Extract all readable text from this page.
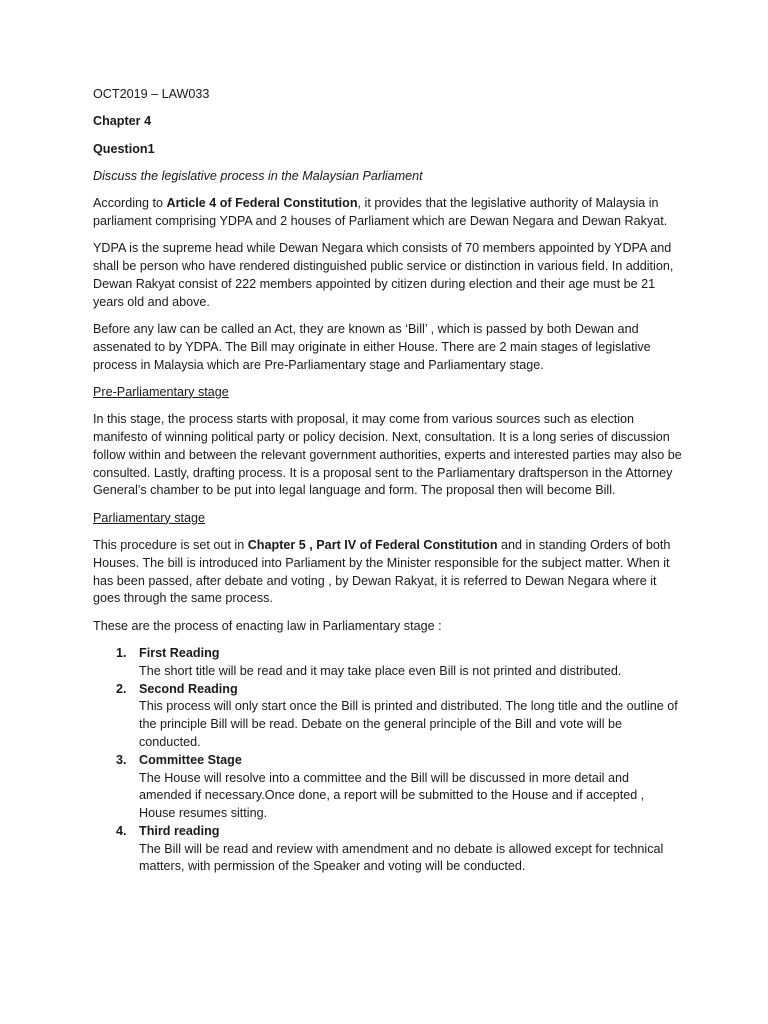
OCT2019 – LAW033

Chapter 4

Question1

Discuss the legislative process in the Malaysian Parliament

According to Article 4 of Federal Constitution, it provides that the legislative authority of Malaysia in parliament comprising YDPA and 2 houses of Parliament which are Dewan Negara and Dewan Rakyat.

YDPA is the supreme head while Dewan Negara which consists of 70 members appointed by YDPA and shall be person who have rendered distinguished public service or distinction in various field. In addition, Dewan Rakyat consist of 222 members appointed by citizen during election and their age must be 21 years old and above.

Before any law can be called an Act, they are known as ‘Bill’ , which is passed by both Dewan and assenated to by YDPA. The Bill may originate in either House. There are 2 main stages of legislative process in Malaysia which are Pre-Parliamentary stage and Parliamentary stage.

Pre-Parliamentary stage

In this stage, the process starts with proposal, it may come from various sources such as election manifesto of winning political party or policy decision. Next, consultation. It is a long series of discussion follow within and between the relevant government authorities, experts and interested parties may also be consulted. Lastly, drafting process. It is a proposal sent to the Parliamentary draftsperson in the Attorney General’s chamber to be put into legal language and form. The proposal then will become Bill.

Parliamentary stage

This procedure is set out in Chapter 5 , Part IV of Federal Constitution and in standing Orders of both Houses. The bill is introduced into Parliament by the Minister responsible for the subject matter. When it has been passed, after debate and voting , by Dewan Rakyat, it is referred to Dewan Negara where it goes through the same process.

These are the process of enacting law in Parliamentary stage :

1. First Reading
The short title will be read and it may take place even Bill is not printed and distributed.
2. Second Reading
This process will only start once the Bill is printed and distributed. The long title and the outline of the principle Bill will be read. Debate on the general principle of the Bill and vote will be conducted.
3. Committee Stage
The House will resolve into a committee and the Bill will be discussed in more detail and amended if necessary.Once done, a report will be submitted to the House and if accepted , House resumes sitting.
4. Third reading
The Bill will be read and review with amendment and no debate is allowed except for technical matters, with permission of the Speaker and voting will be conducted.
